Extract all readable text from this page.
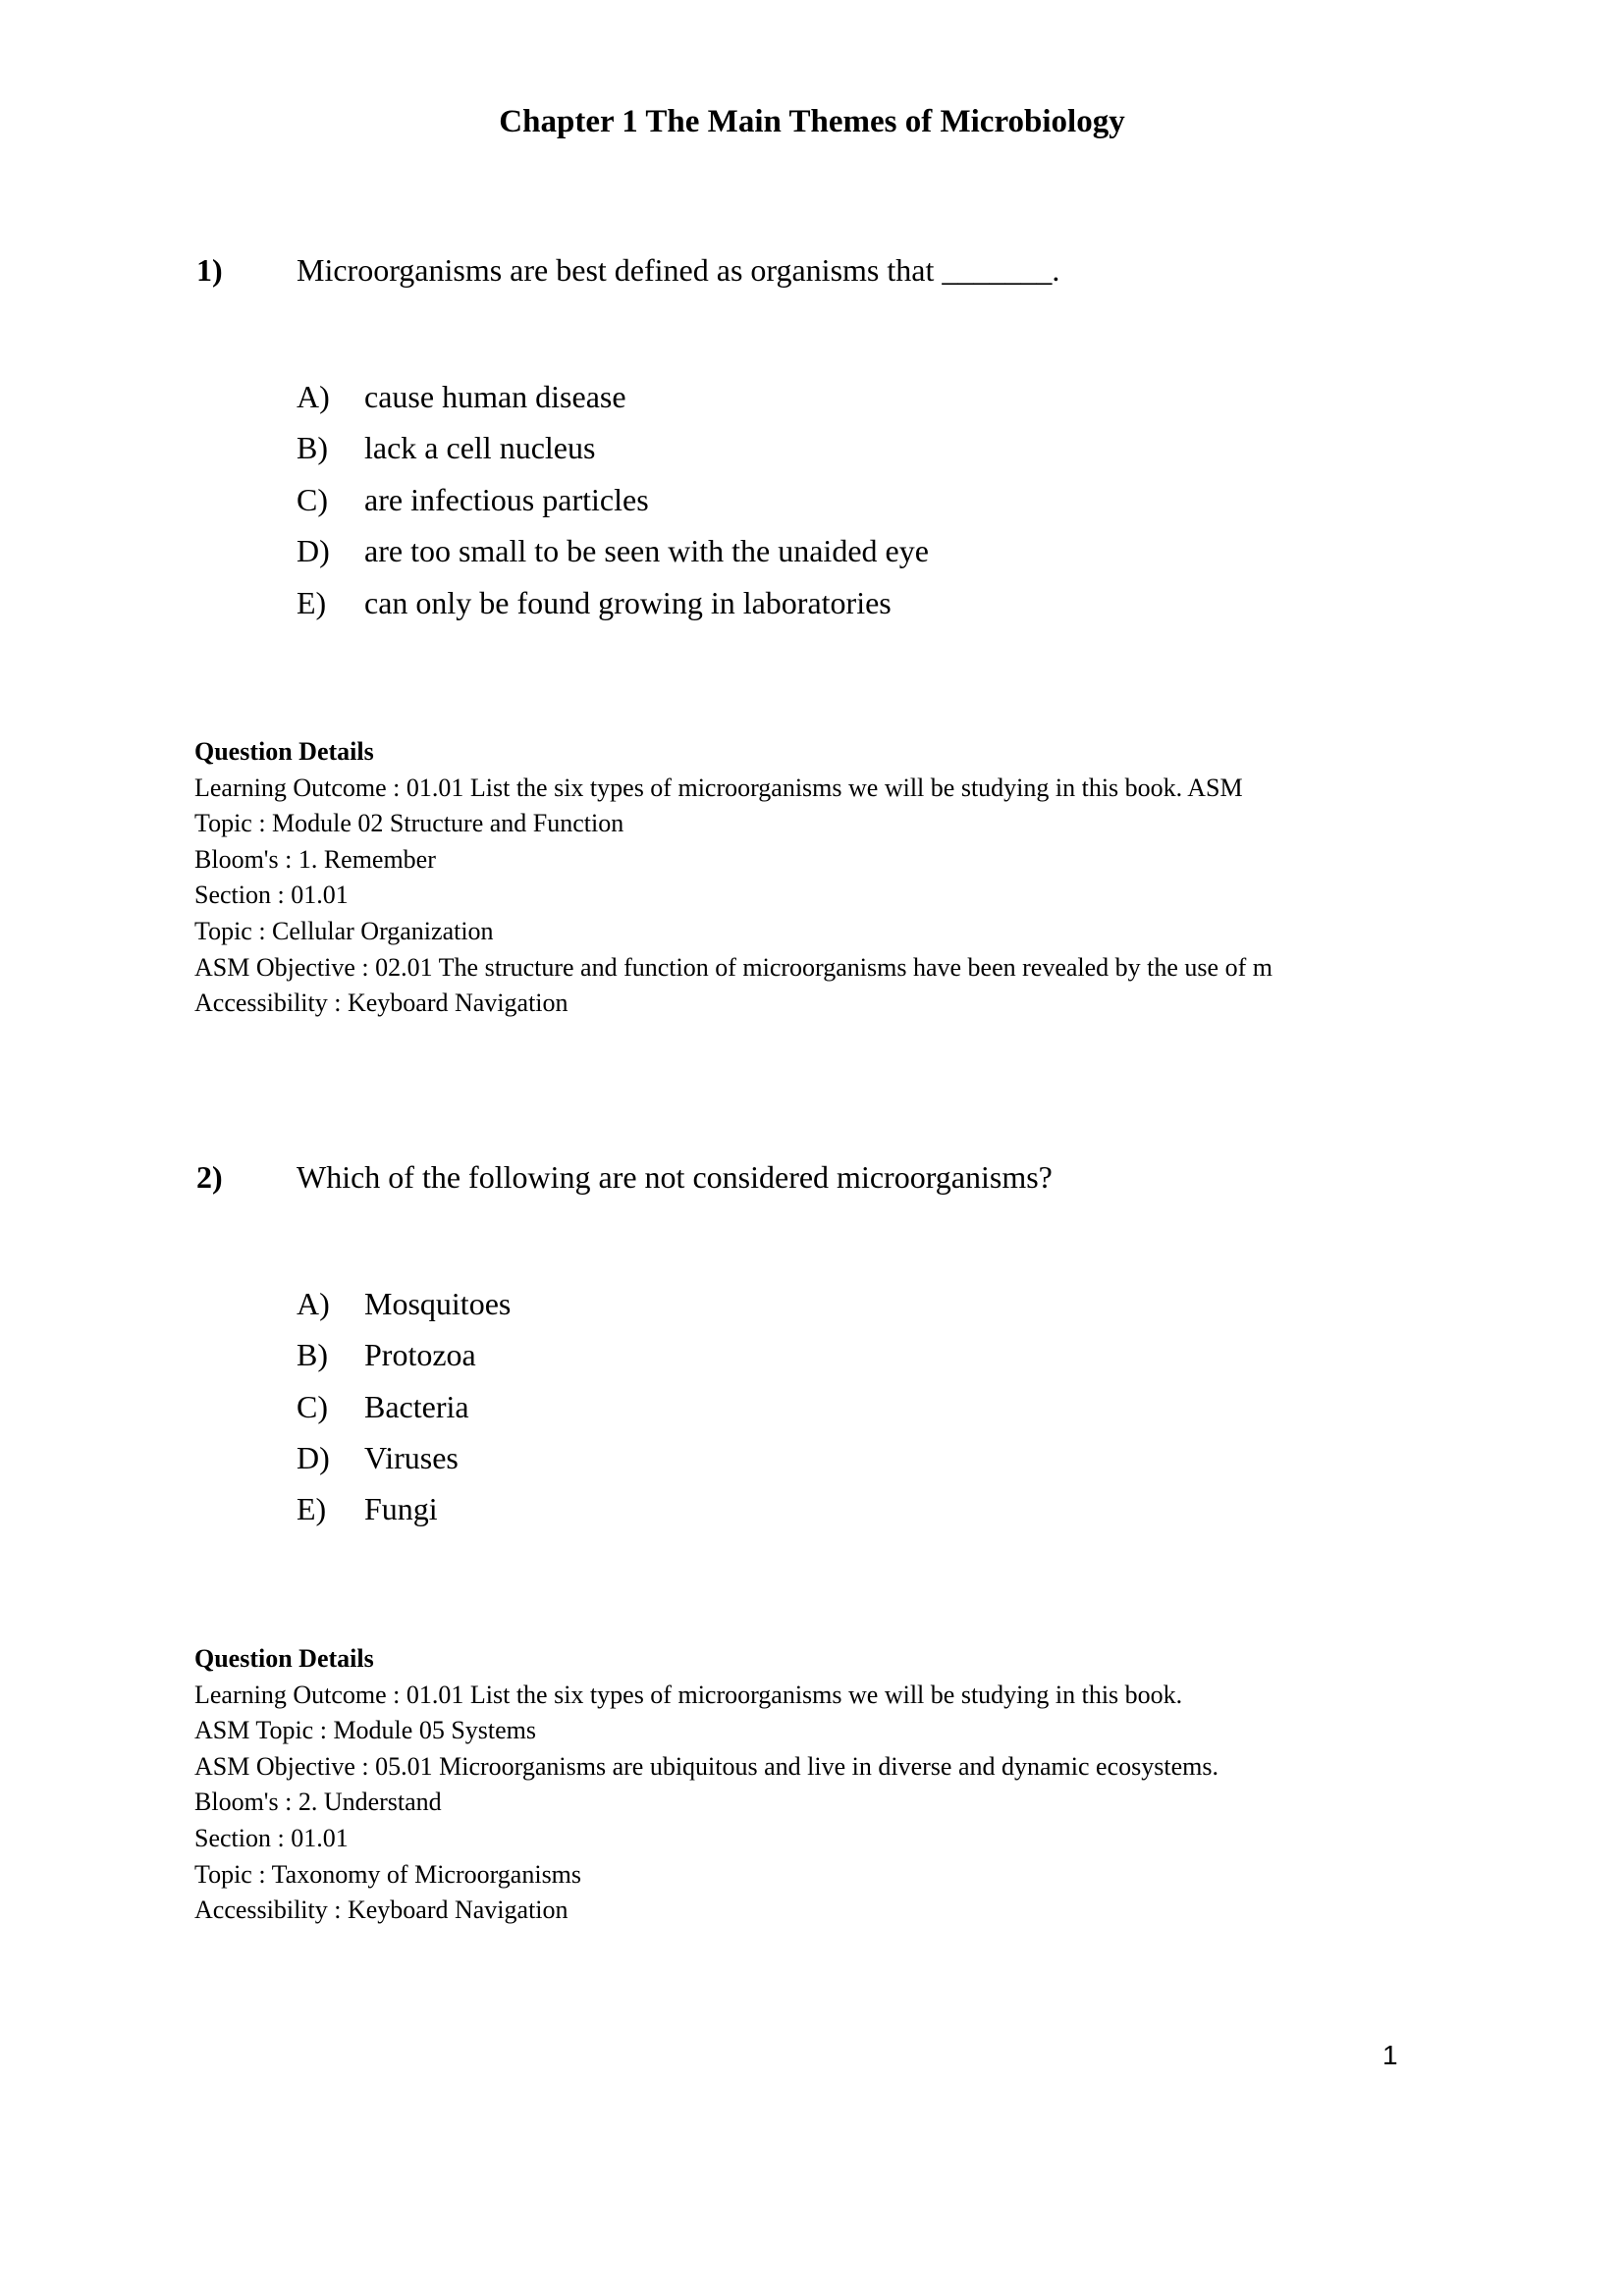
Chapter 1 The Main Themes of Microbiology
1) Microorganisms are best defined as organisms that _______.
A) cause human disease
B) lack a cell nucleus
C) are infectious particles
D) are too small to be seen with the unaided eye
E) can only be found growing in laboratories
Question Details
Learning Outcome : 01.01 List the six types of microorganisms we will be studying in this book. ASM
Topic : Module 02 Structure and Function
Bloom's : 1. Remember
Section : 01.01
Topic : Cellular Organization
ASM Objective : 02.01 The structure and function of microorganisms have been revealed by the use of m
Accessibility : Keyboard Navigation
2) Which of the following are not considered microorganisms?
A) Mosquitoes
B) Protozoa
C) Bacteria
D) Viruses
E) Fungi
Question Details
Learning Outcome : 01.01 List the six types of microorganisms we will be studying in this book.
ASM Topic : Module 05 Systems
ASM Objective : 05.01 Microorganisms are ubiquitous and live in diverse and dynamic ecosystems.
Bloom's : 2. Understand
Section : 01.01
Topic : Taxonomy of Microorganisms
Accessibility : Keyboard Navigation
1
